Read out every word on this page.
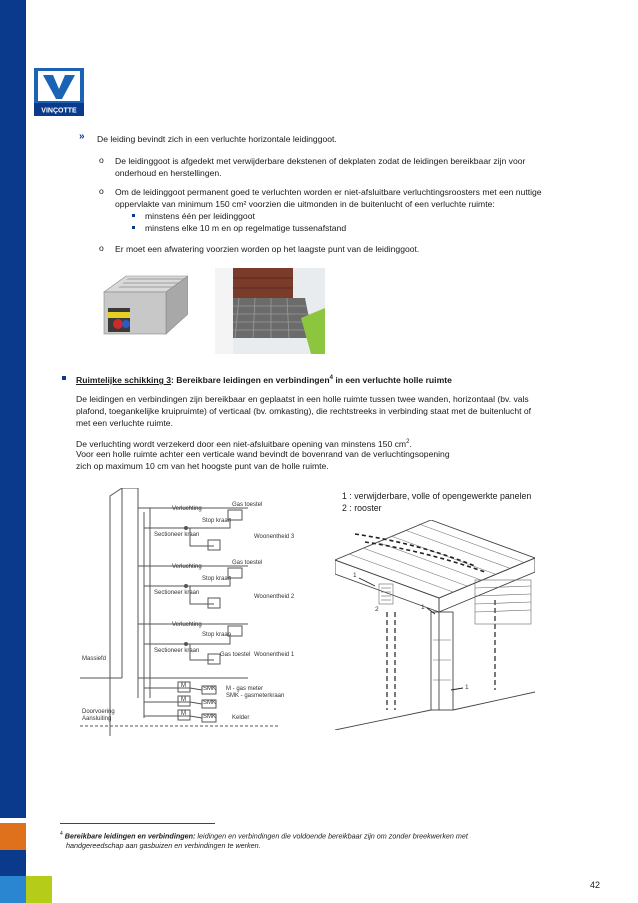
VINÇOTTE
» De leiding bevindt zich in een verluchte horizontale leidinggoot.
o De leidinggoot is afgedekt met verwijderbare dekstenen of dekplaten zodat de leidingen bereikbaar zijn voor
onderhoud en herstellingen.
o Om de leidinggoot permanent goed te verluchten worden er niet-afsluitbare verluchtingsroosters met een nuttige
oppervlakte van minimum 150 cm² voorzien die uitmonden in de buitenlucht of een verluchte ruimte:
minstens één per leidinggoot
minstens elke 10 m en op regelmatige tussenafstand
o Er moet een afwatering voorzien worden op het laagste punt van de leidinggoot.
Ruimtelijke schikking 3: Bereikbare leidingen en verbindingen$^4$ in een verluchte holle ruimte
De leidingen en verbindingen zijn bereikbaar en geplaatst in een holle ruimte tussen twee wanden, horizontaal (bv. vals
plafond, toegankelijke kruipruimte) of verticaal (bv. omkasting), die rechtstreeks in verbinding staat met de buitenlucht of
met een verluchte ruimte.
De verluchting wordt verzekerd door een niet-afsluitbare opening van minstens 150 $cm^2$.
Voor een holle ruimte achter een verticale wand bevindt de bovenrand van de verluchtingsopening
zich op maximum 10 cm van het hoogste punt van de holle ruimte.
Verluchting
Verluchting
Verluchting
Stop kraan
Stop kraan
Stop kraan
Gas toestel
Gas toestel
Gas toestel
Sectioneer kraan
Sectioneer kraan
Sectioneer kraan
Woonentheid 3
Woonentheid 2
Woonentheid 1
Massiefd
M
M
M
SMK
SMK
SMK
M - gas meter
SMK - gasmeterkraan
Kelder
Doorvoering
Aansluiting
1 : verwijderbare, volle of opengewerkte panelen
2 : rooster
1
2	1
1
$^4$ Bereikbare leidingen en verbindingen: leidingen en verbindingen die voldoende bereikbaar zijn om zonder breekwerken met
handgereedschap aan gasbuizen en verbindingen te werken.
42
